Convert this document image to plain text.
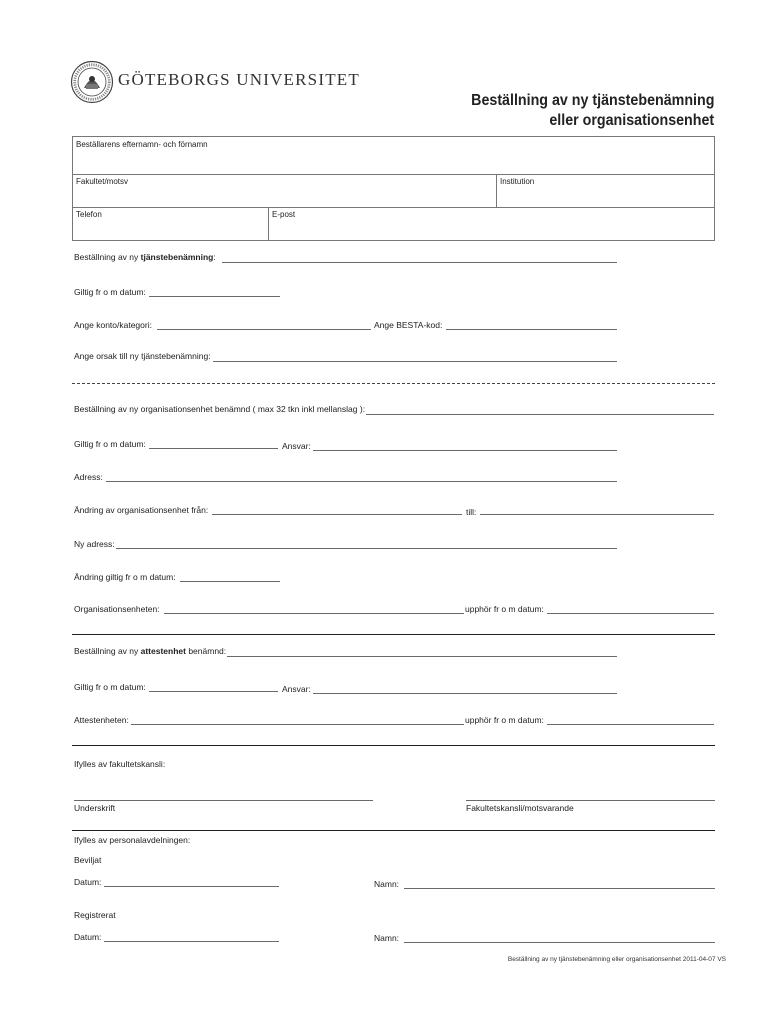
GÖTEBORGS UNIVERSITET
Beställning av ny tjänstebenämning
eller organisationsenhet
Beställarens efternamn- och förnamn
Fakultet/motsv	Institution
Telefon	E-post
Beställning av ny tjänstebenämning:
Giltig fr o m datum:
Ange konto/kategori:	Ange BESTA-kod:
Ange orsak till ny tjänstebenämning:
Beställning av ny organisationsenhet benämnd ( max 32 tkn inkl mellanslag ):
Giltig fr o m datum:	Ansvar:
Adress:
Ändring av organisationsenhet från:	till:
Ny adress:
Ändring giltig fr o m datum:
Organisationsenheten:	upphör fr o m datum:
Beställning av ny attestenhet benämnd:
Giltig fr o m datum:	Ansvar:
Attestenheten:	upphör fr o m datum:
Ifylles av fakultetskansli:
Underskrift	Fakultetskansli/motsvarande
Ifylles av personalavdelningen:
Beviljat
Datum:	Namn:
Registrerat
Datum:	Namn:
Beställning av ny tjänstebenämning eller organisationsenhet 2011-04-07 VS
